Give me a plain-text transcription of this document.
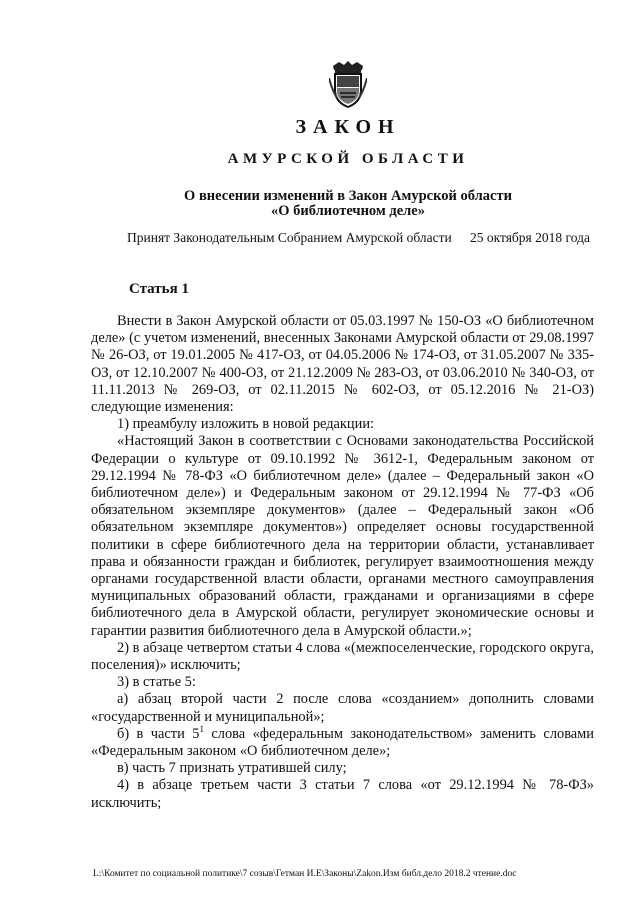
ЗАКОН
АМУРСКОЙ ОБЛАСТИ
О внесении изменений в Закон Амурской области
«О библиотечном деле»
Принят Законодательным Собранием Амурской области 25 октября 2018 года
Статья 1

Внести в Закон Амурской области от 05.03.1997 № 150-ОЗ «О библиотечном деле» (с учетом изменений, внесенных Законами Амурской области от 29.08.1997 № 26-ОЗ, от 19.01.2005 № 417-ОЗ, от 04.05.2006 № 174-ОЗ, от 31.05.2007 № 335-ОЗ, от 12.10.2007 № 400-ОЗ, от 21.12.2009 № 283-ОЗ, от 03.06.2010 № 340-ОЗ, от 11.11.2013 № 269-ОЗ, от 02.11.2015 № 602-ОЗ, от 05.12.2016 № 21-ОЗ) следующие изменения:

1) преамбулу изложить в новой редакции:

«Настоящий Закон в соответствии с Основами законодательства Российской Федерации о культуре от 09.10.1992 № 3612-1, Федеральным законом от 29.12.1994 № 78-ФЗ «О библиотечном деле» (далее – Федеральный закон «О библиотечном деле») и Федеральным законом от 29.12.1994 № 77-ФЗ «Об обязательном экземпляре документов» (далее – Федеральный закон «Об обязательном экземпляре документов») определяет основы государственной политики в сфере библиотечного дела на территории области, устанавливает права и обязанности граждан и библиотек, регулирует взаимоотношения между органами государственной власти области, органами местного самоуправления муниципальных образований области, гражданами и организациями в сфере библиотечного дела в Амурской области, регулирует экономические основы и гарантии развития библиотечного дела в Амурской области.»;

2) в абзаце четвертом статьи 4 слова «(межпоселенческие, городского округа, поселения)» исключить;

3) в статье 5:

а) абзац второй части 2 после слова «созданием» дополнить словами «государственной и муниципальной»;

б) в части $5^1$ слова «федеральным законодательством» заменить словами «Федеральным законом «О библиотечном деле»;

в) часть 7 признать утратившей силу;

4) в абзаце третьем части 3 статьи 7 слова «от 29.12.1994 № 78-ФЗ» исключить;

L:\Комитет по социальной политике\7 созыв\Гетман И.Е\Законы\Zakon.Изм библ.дело 2018.2 чтение.doc
